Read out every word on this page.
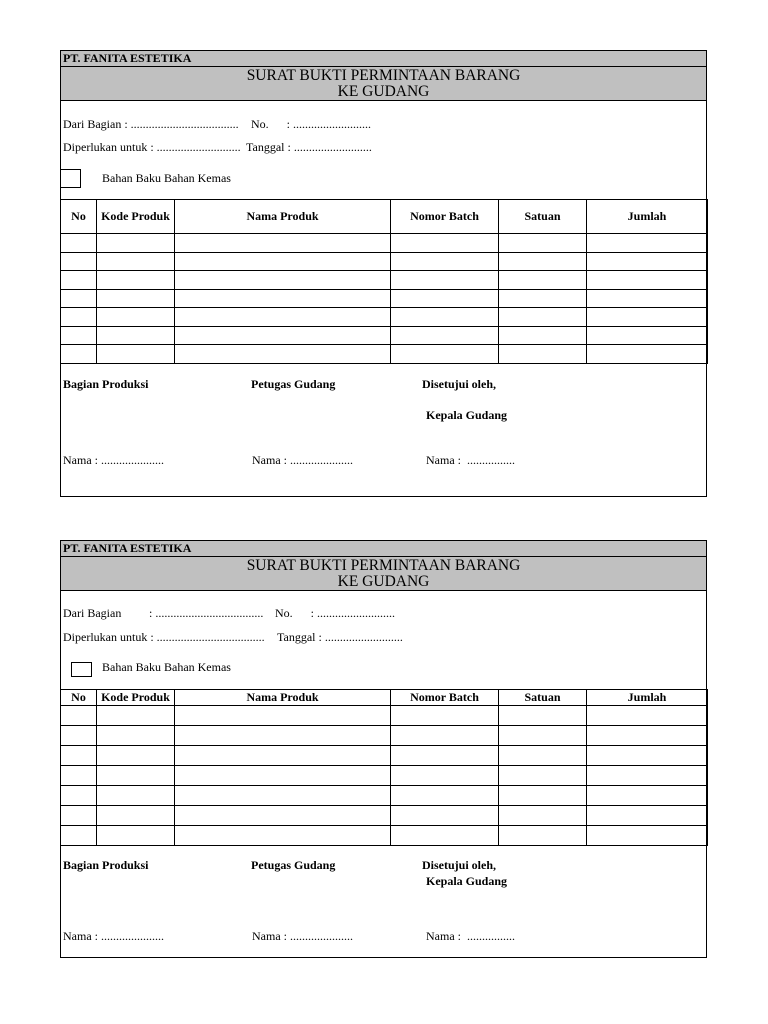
PT. FANITA ESTETIKA
SURAT BUKTI PERMINTAAN BARANG
KE GUDANG
Dari Bagian : .................................... No.      : ..........................
Diperlukan untuk : ............................ Tanggal : ..........................
Bahan Baku Bahan Kemas
No	Kode Produk	Nama Produk	Nomor Batch	Satuan	Jumlah

Bagian Produksi	Petugas Gudang	Disetujui oleh,
Kepala Gudang
Nama : .....................	Nama : .....................	Nama :  ................
PT. FANITA ESTETIKA
SURAT BUKTI PERMINTAAN BARANG
KE GUDANG
Dari Bagian : .................................... No.      : ..........................
Diperlukan untuk : .................................... Tanggal : ..........................
Bahan Baku Bahan Kemas
No	Kode Produk	Nama Produk	Nomor Batch	Satuan	Jumlah

Bagian Produksi	Petugas Gudang	Disetujui oleh,
Kepala Gudang
Nama : .....................	Nama : .....................	Nama :  ................
